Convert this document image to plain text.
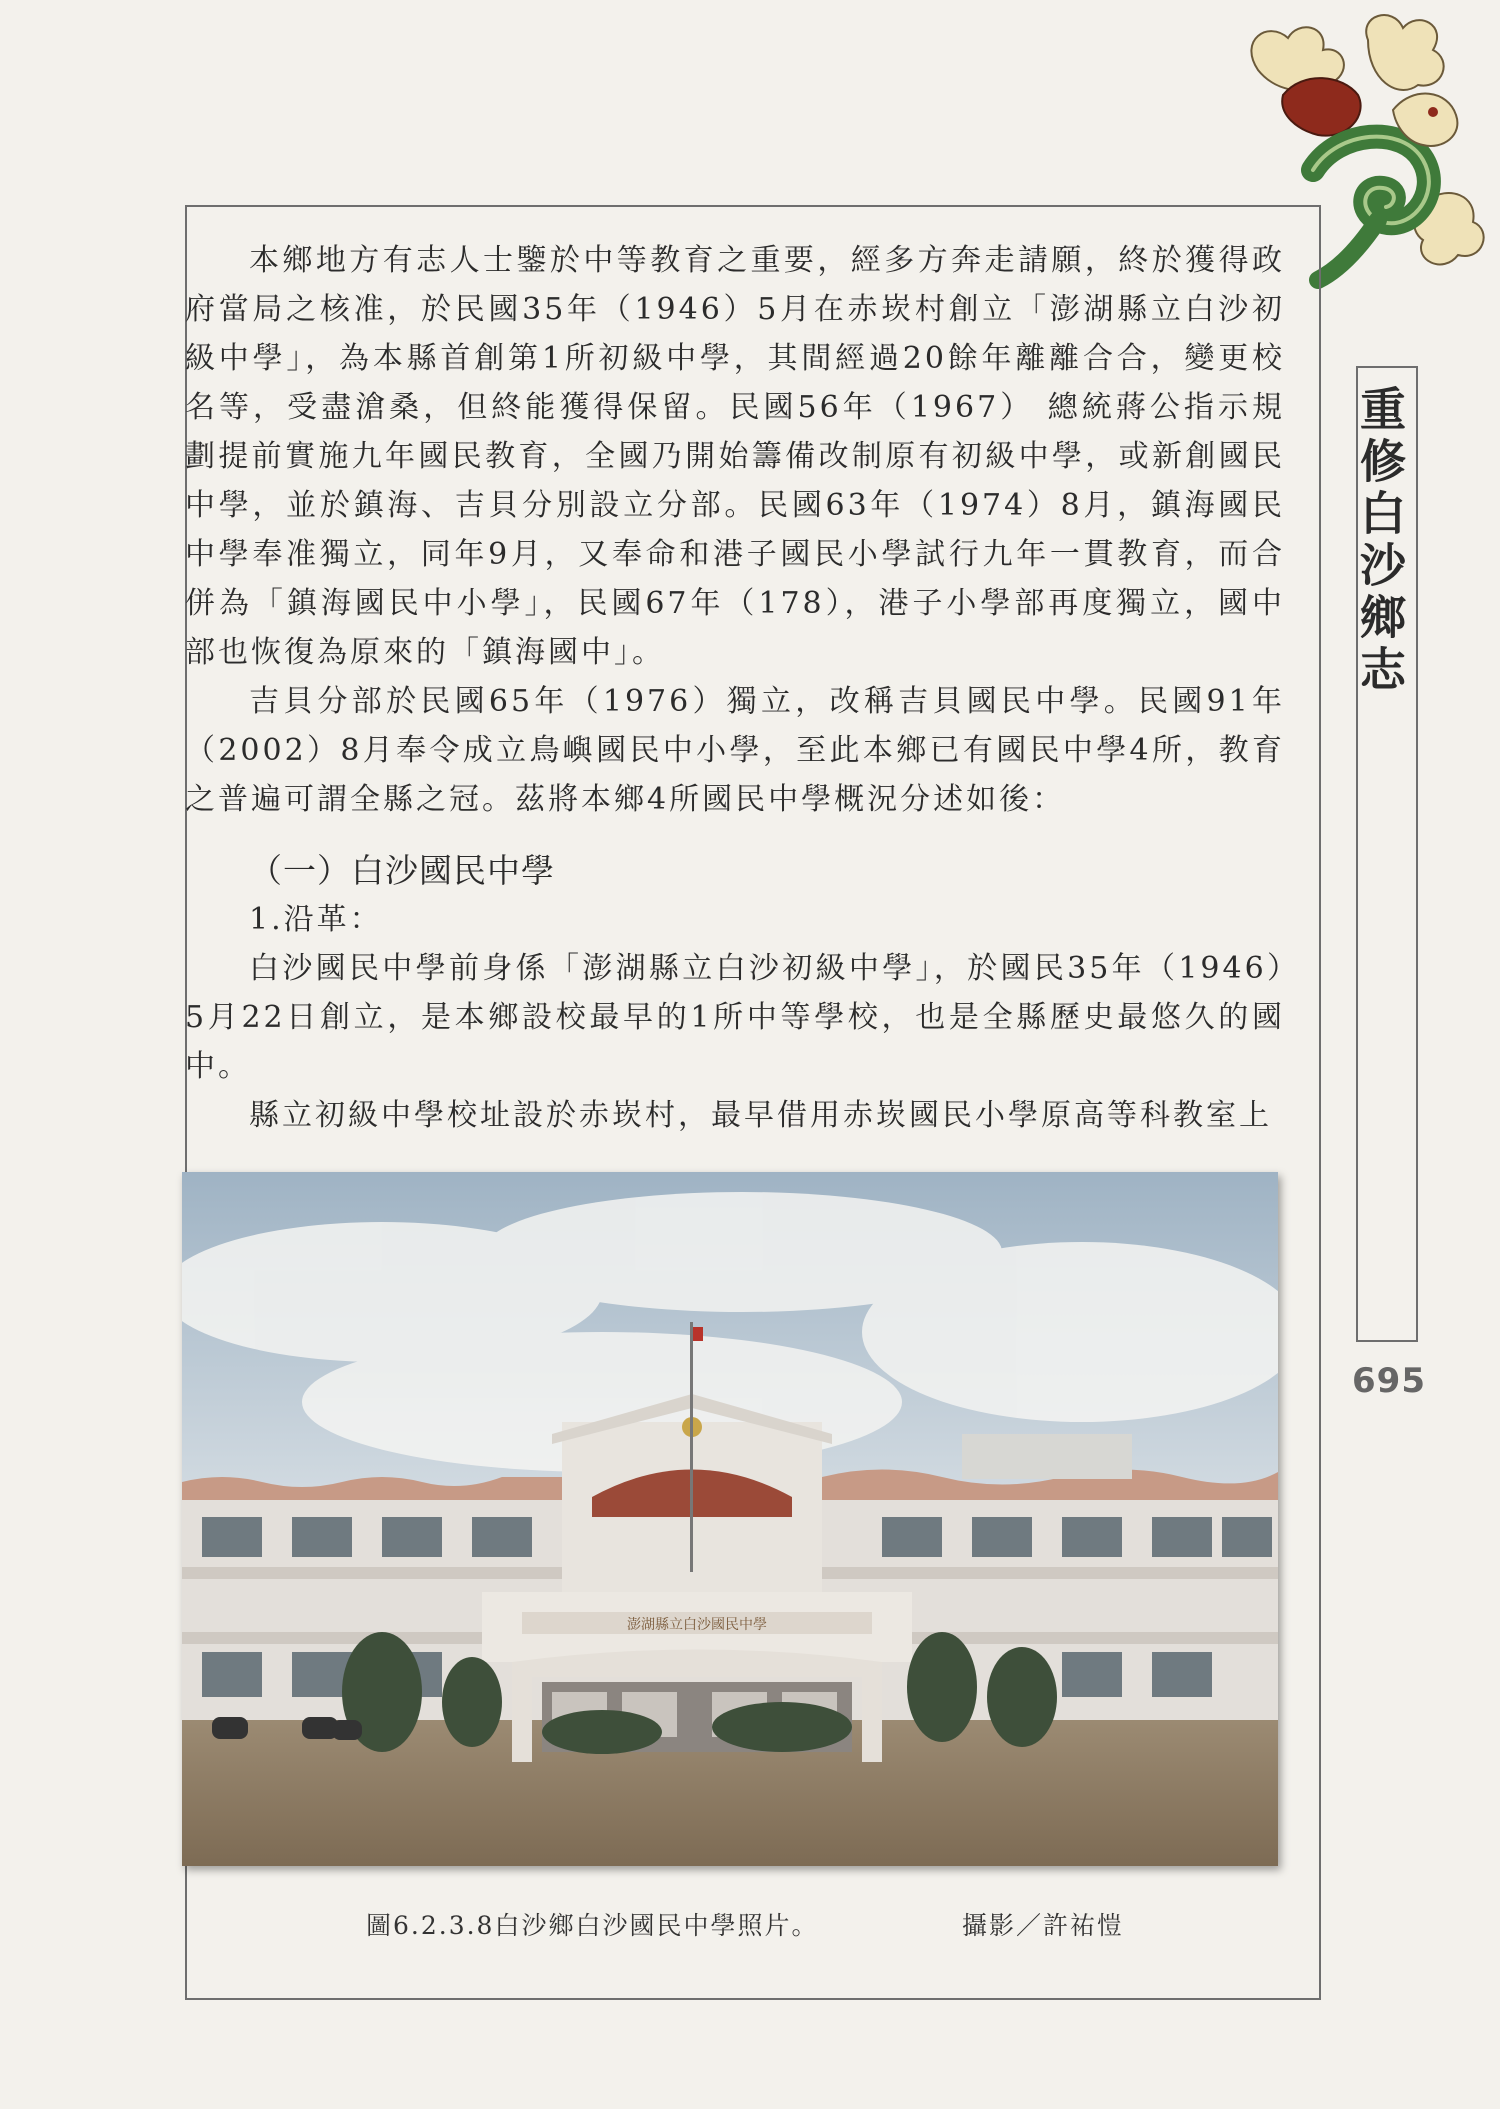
本鄉地方有志人士鑒於中等教育之重要，經多方奔走請願，終於獲得政府當局之核准，於民國35年（1946）5月在赤崁村創立「澎湖縣立白沙初級中學」，為本縣首創第1所初級中學，其間經過20餘年離離合合，變更校名等，受盡滄桑，但終能獲得保留。民國56年（1967） 總統蔣公指示規劃提前實施九年國民教育，全國乃開始籌備改制原有初級中學，或新創國民中學，並於鎮海、吉貝分別設立分部。民國63年（1974）8月，鎮海國民中學奉准獨立，同年9月，又奉命和港子國民小學試行九年一貫教育，而合併為「鎮海國民中小學」，民國67年（178），港子小學部再度獨立，國中部也恢復為原來的「鎮海國中」。

吉貝分部於民國65年（1976）獨立，改稱吉貝國民中學。民國91年（2002）8月奉令成立鳥嶼國民中小學，至此本鄉已有國民中學4所，教育之普遍可謂全縣之冠。茲將本鄉4所國民中學概況分述如後：

（一）白沙國民中學

1.沿革：

白沙國民中學前身係「澎湖縣立白沙初級中學」，於國民35年（1946）5月22日創立，是本鄉設校最早的1所中等學校，也是全縣歷史最悠久的國中。

縣立初級中學校址設於赤崁村，最早借用赤崁國民小學原高等科教室上

澎湖縣立白沙國民中學
圖6.2.3.8白沙鄉白沙國民中學照片。	攝影／許祐愷
重修白沙鄉志
695
